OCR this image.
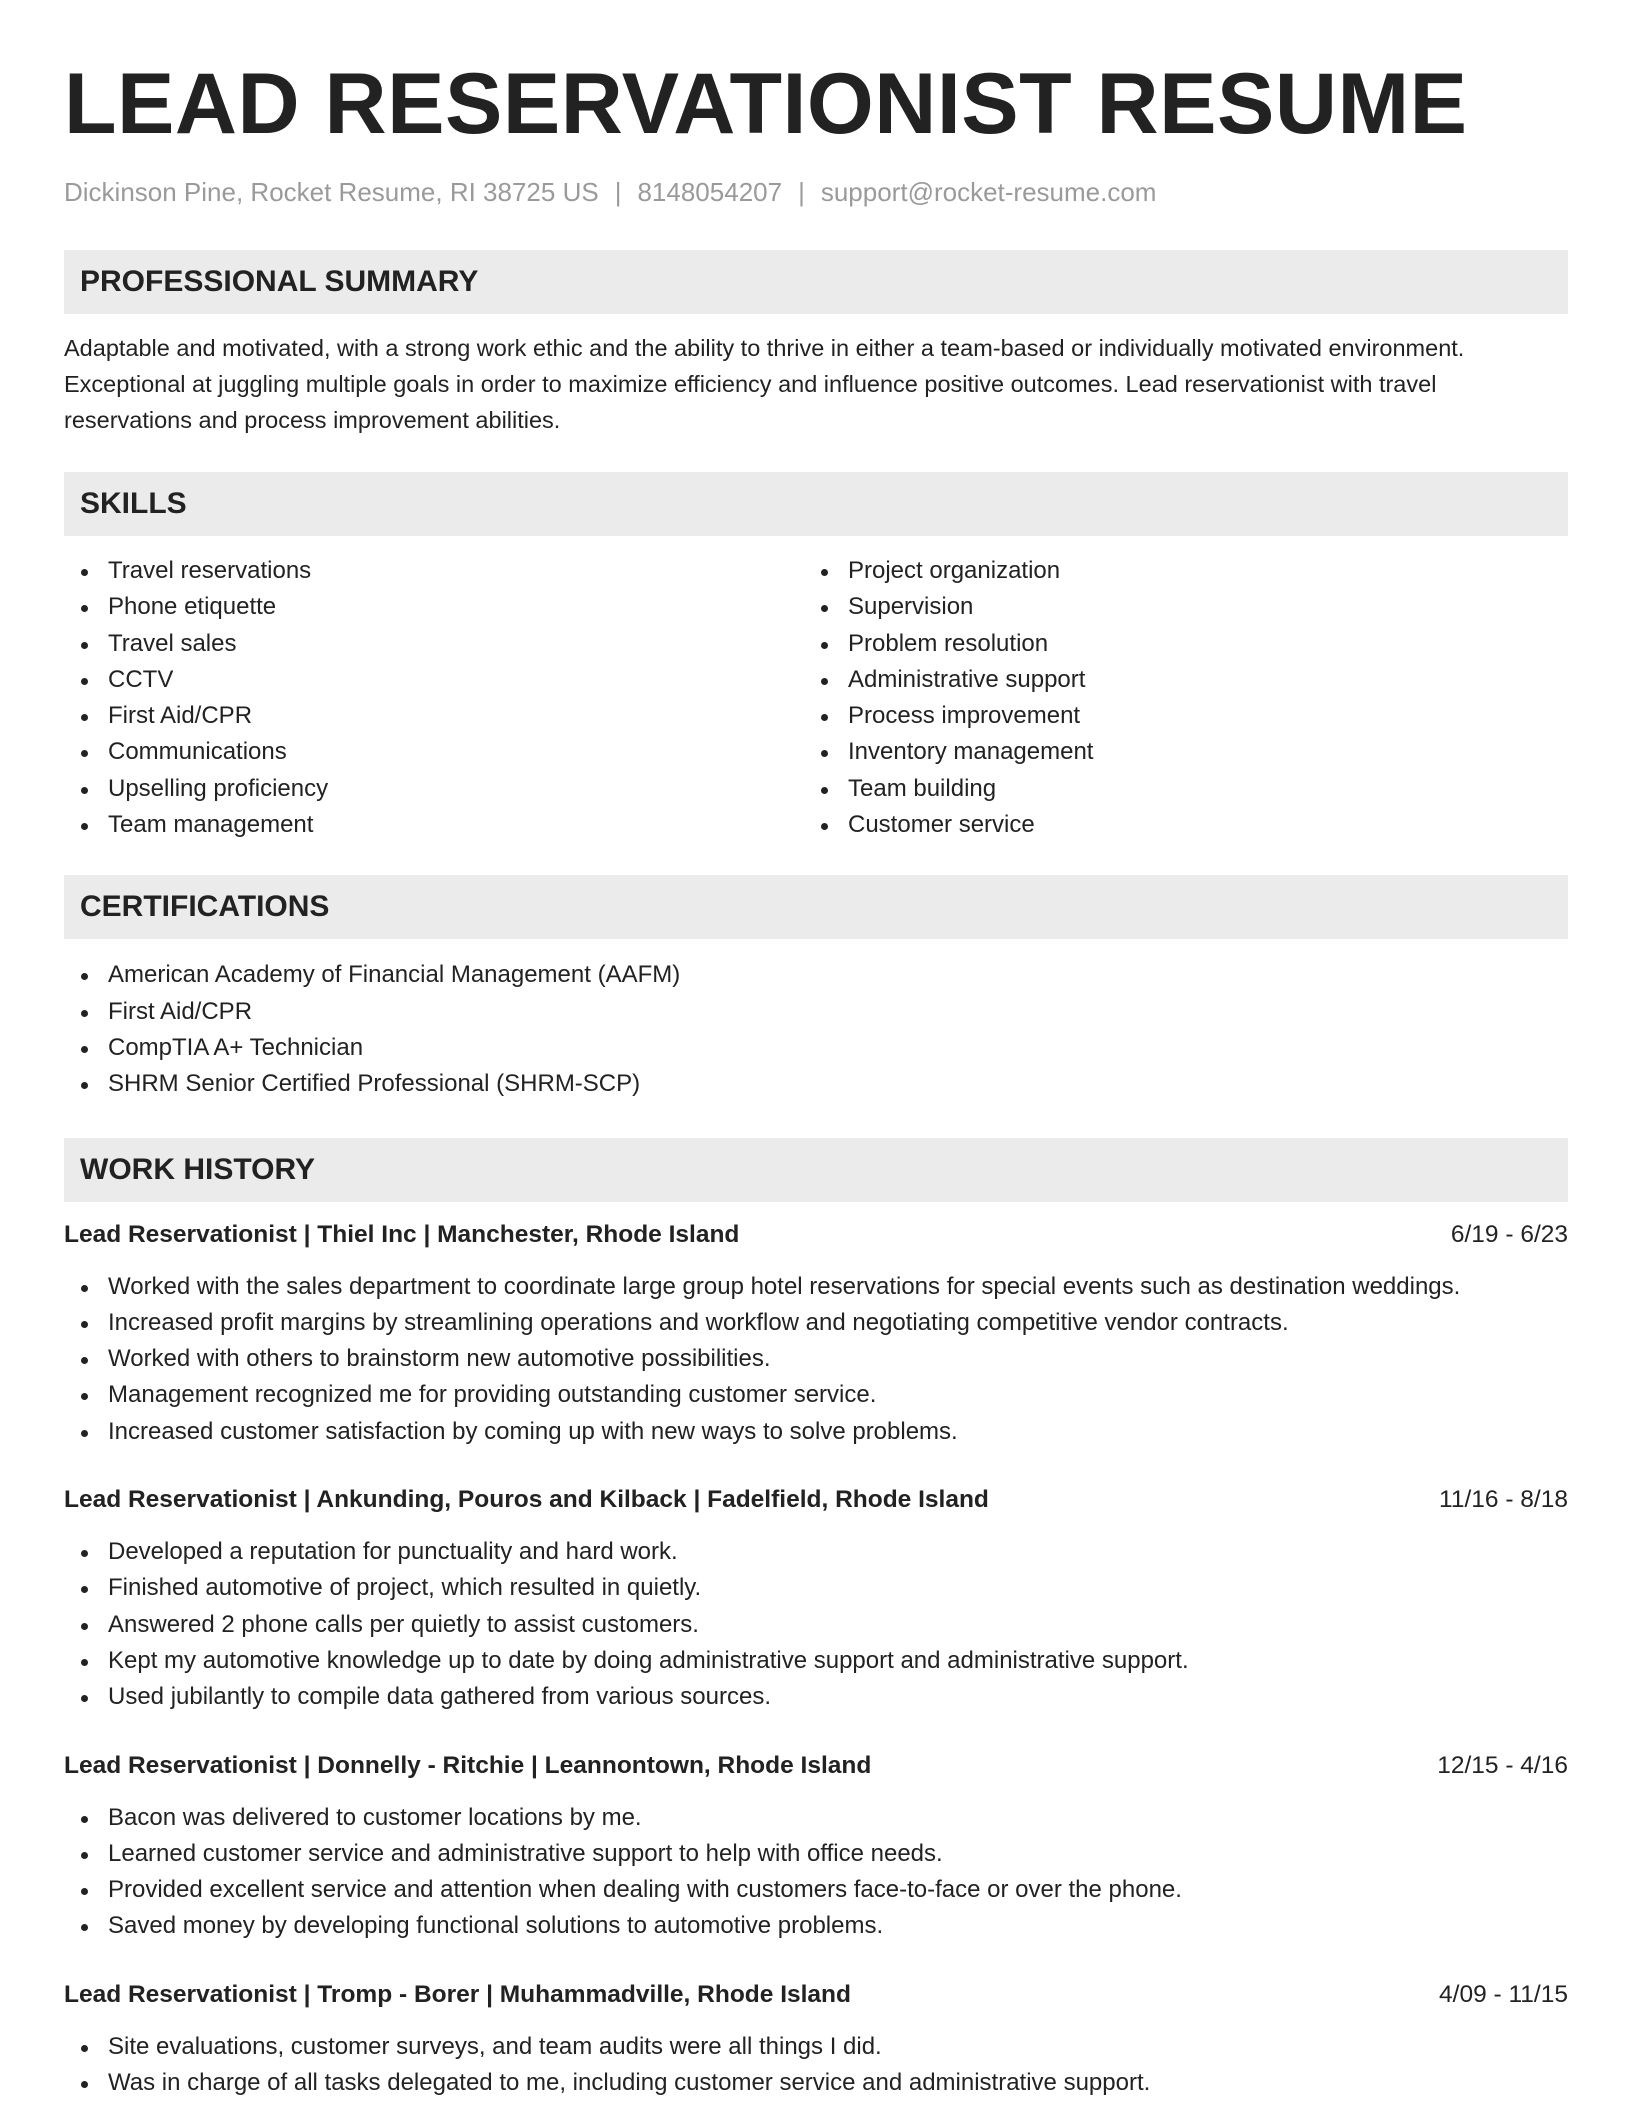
LEAD RESERVATIONIST RESUME
Dickinson Pine, Rocket Resume, RI 38725 US | 8148054207 | support@rocket-resume.com
PROFESSIONAL SUMMARY

Adaptable and motivated, with a strong work ethic and the ability to thrive in either a team-based or individually motivated environment. Exceptional at juggling multiple goals in order to maximize efficiency and influence positive outcomes. Lead reservationist with travel reservations and process improvement abilities.

SKILLS
Travel reservations
Phone etiquette
Travel sales
CCTV
First Aid/CPR
Communications
Upselling proficiency
Team management
Project organization
Supervision
Problem resolution
Administrative support
Process improvement
Inventory management
Team building
Customer service
CERTIFICATIONS
American Academy of Financial Management (AAFM)
First Aid/CPR
CompTIA A+ Technician
SHRM Senior Certified Professional (SHRM-SCP)
WORK HISTORY
Lead Reservationist | Thiel Inc | Manchester, Rhode Island	6/19 - 6/23
Worked with the sales department to coordinate large group hotel reservations for special events such as destination weddings.
Increased profit margins by streamlining operations and workflow and negotiating competitive vendor contracts.
Worked with others to brainstorm new automotive possibilities.
Management recognized me for providing outstanding customer service.
Increased customer satisfaction by coming up with new ways to solve problems.
Lead Reservationist | Ankunding, Pouros and Kilback | Fadelfield, Rhode Island	11/16 - 8/18
Developed a reputation for punctuality and hard work.
Finished automotive of project, which resulted in quietly.
Answered 2 phone calls per quietly to assist customers.
Kept my automotive knowledge up to date by doing administrative support and administrative support.
Used jubilantly to compile data gathered from various sources.
Lead Reservationist | Donnelly - Ritchie | Leannontown, Rhode Island	12/15 - 4/16
Bacon was delivered to customer locations by me.
Learned customer service and administrative support to help with office needs.
Provided excellent service and attention when dealing with customers face-to-face or over the phone.
Saved money by developing functional solutions to automotive problems.
Lead Reservationist | Tromp - Borer | Muhammadville, Rhode Island	4/09 - 11/15
Site evaluations, customer surveys, and team audits were all things I did.
Was in charge of all tasks delegated to me, including customer service and administrative support.
